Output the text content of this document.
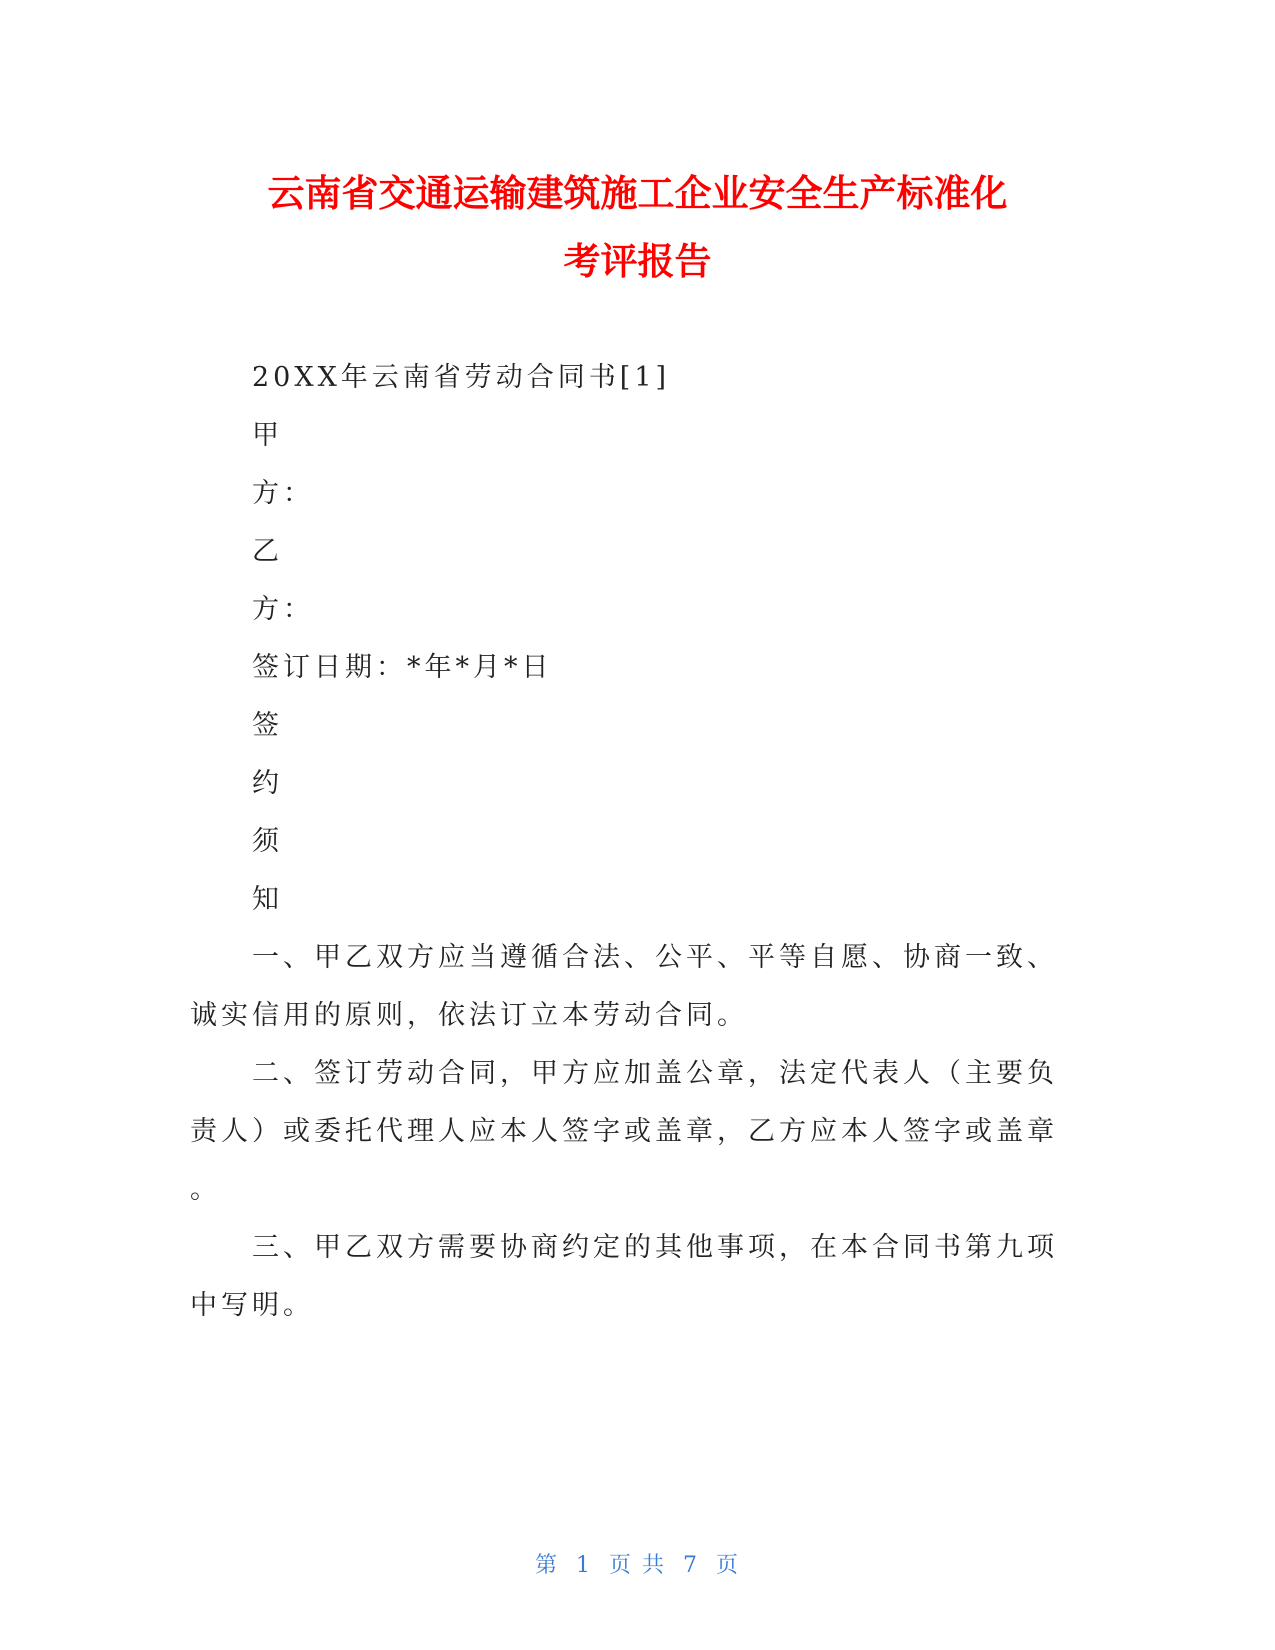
云南省交通运输建筑施工企业安全生产标准化
考评报告
20XX年云南省劳动合同书[1]
甲
方：
乙
方：
签订日期：*年*月*日
签
约
须
知
一、甲乙双方应当遵循合法、公平、平等自愿、协商一致、
诚实信用的原则，依法订立本劳动合同。
二、签订劳动合同，甲方应加盖公章，法定代表人（主要负
责人）或委托代理人应本人签字或盖章，乙方应本人签字或盖章
。
三、甲乙双方需要协商约定的其他事项，在本合同书第九项
中写明。
第 1 页 共 7 页
